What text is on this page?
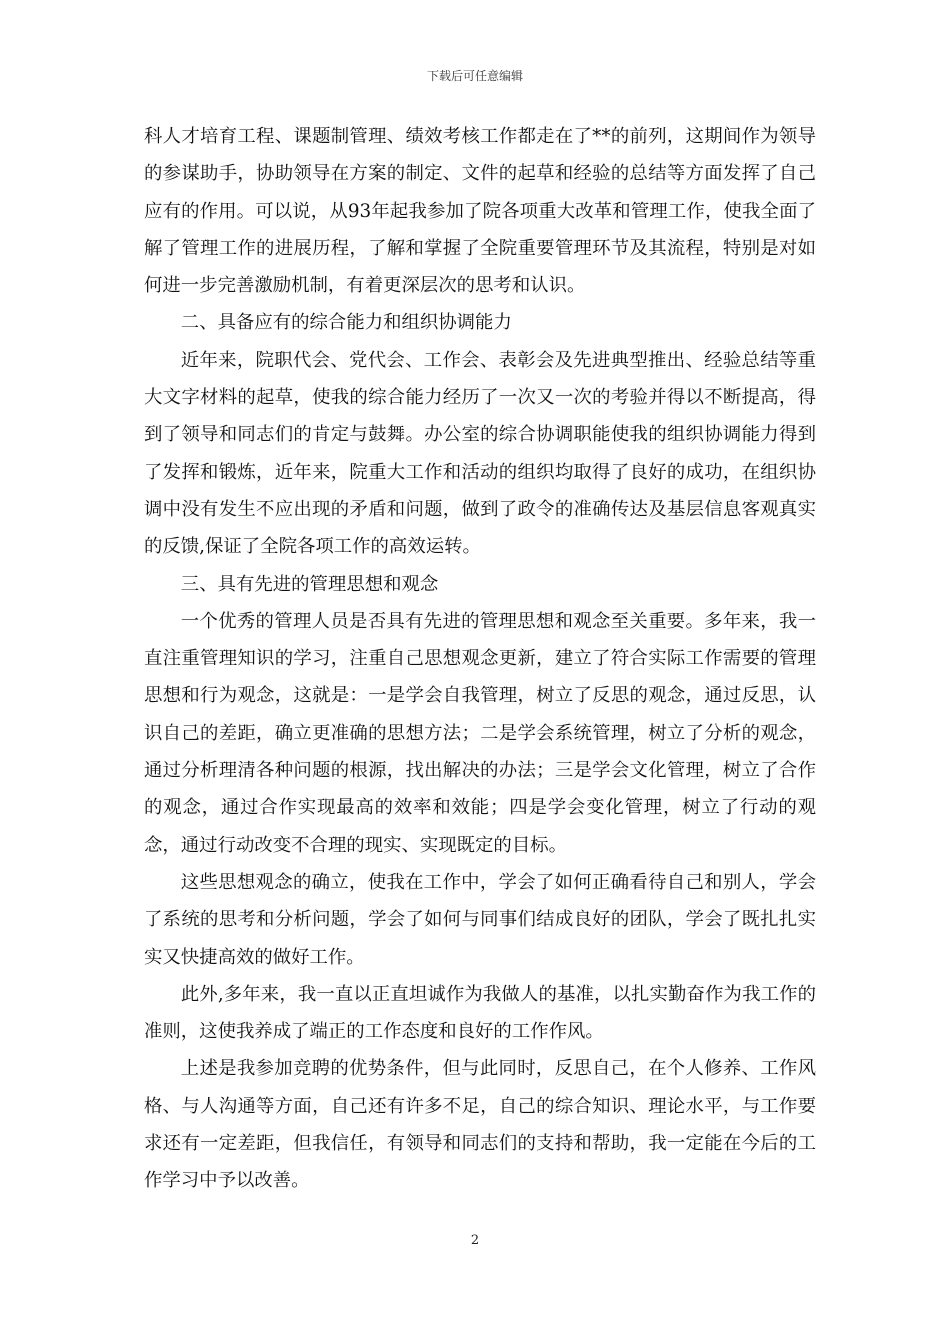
下载后可任意编辑

科人才培育工程、课题制管理、绩效考核工作都走在了**的前列，这期间作为领导的参谋助手，协助领导在方案的制定、文件的起草和经验的总结等方面发挥了自己应有的作用。可以说，从93年起我参加了院各项重大改革和管理工作，使我全面了解了管理工作的进展历程，了解和掌握了全院重要管理环节及其流程，特别是对如何进一步完善激励机制，有着更深层次的思考和认识。

二、具备应有的综合能力和组织协调能力

近年来，院职代会、党代会、工作会、表彰会及先进典型推出、经验总结等重大文字材料的起草，使我的综合能力经历了一次又一次的考验并得以不断提高，得到了领导和同志们的肯定与鼓舞。办公室的综合协调职能使我的组织协调能力得到了发挥和锻炼，近年来，院重大工作和活动的组织均取得了良好的成功，在组织协调中没有发生不应出现的矛盾和问题，做到了政令的准确传达及基层信息客观真实的反馈,保证了全院各项工作的高效运转。

三、具有先进的管理思想和观念

一个优秀的管理人员是否具有先进的管理思想和观念至关重要。多年来，我一直注重管理知识的学习，注重自己思想观念更新，建立了符合实际工作需要的管理思想和行为观念，这就是：一是学会自我管理，树立了反思的观念，通过反思，认识自己的差距，确立更准确的思想方法；二是学会系统管理，树立了分析的观念，通过分析理清各种问题的根源，找出解决的办法；三是学会文化管理，树立了合作的观念，通过合作实现最高的效率和效能；四是学会变化管理，树立了行动的观念，通过行动改变不合理的现实、实现既定的目标。

这些思想观念的确立，使我在工作中，学会了如何正确看待自己和别人，学会了系统的思考和分析问题，学会了如何与同事们结成良好的团队，学会了既扎扎实实又快捷高效的做好工作。

此外,多年来，我一直以正直坦诚作为我做人的基准，以扎实勤奋作为我工作的准则，这使我养成了端正的工作态度和良好的工作作风。

上述是我参加竞聘的优势条件，但与此同时，反思自己，在个人修养、工作风格、与人沟通等方面，自己还有许多不足，自己的综合知识、理论水平，与工作要求还有一定差距，但我信任，有领导和同志们的支持和帮助，我一定能在今后的工作学习中予以改善。

2
